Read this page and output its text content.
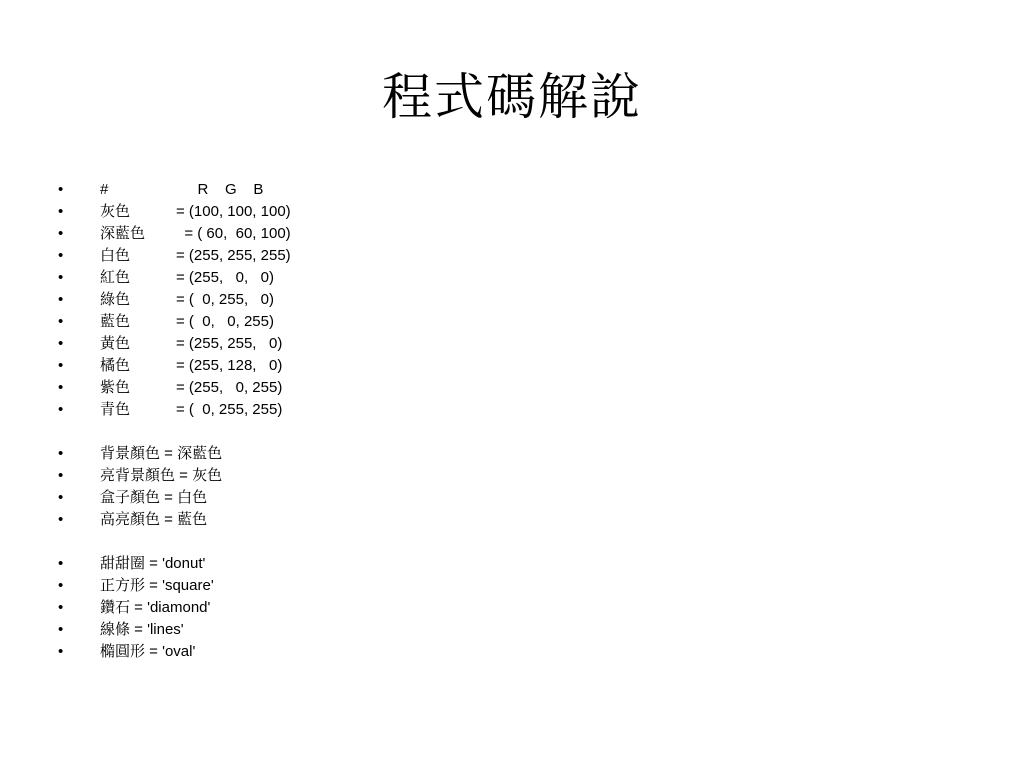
程式碼解說
•	#	R    G    B
•	灰色	= (100, 100, 100)
•	深藍色 = ( 60,  60, 100)
•	白色	= (255, 255, 255)
•	紅色	= (255,   0,   0)
•	綠色	= (  0, 255,   0)
•	藍色	= (  0,   0, 255)
•	黃色	= (255, 255,   0)
•	橘色	= (255, 128,   0)
•	紫色	= (255,   0, 255)
•	青色	= (  0, 255, 255)
•	背景顏色 = 深藍色
•	亮背景顏色 = 灰色
•	盒子顏色 = 白色
•	高亮顏色 = 藍色
•	甜甜圈 = 'donut'
•	正方形 = 'square'
•	鑽石 = 'diamond'
•	線條 = 'lines'
•	橢圓形 = 'oval'
